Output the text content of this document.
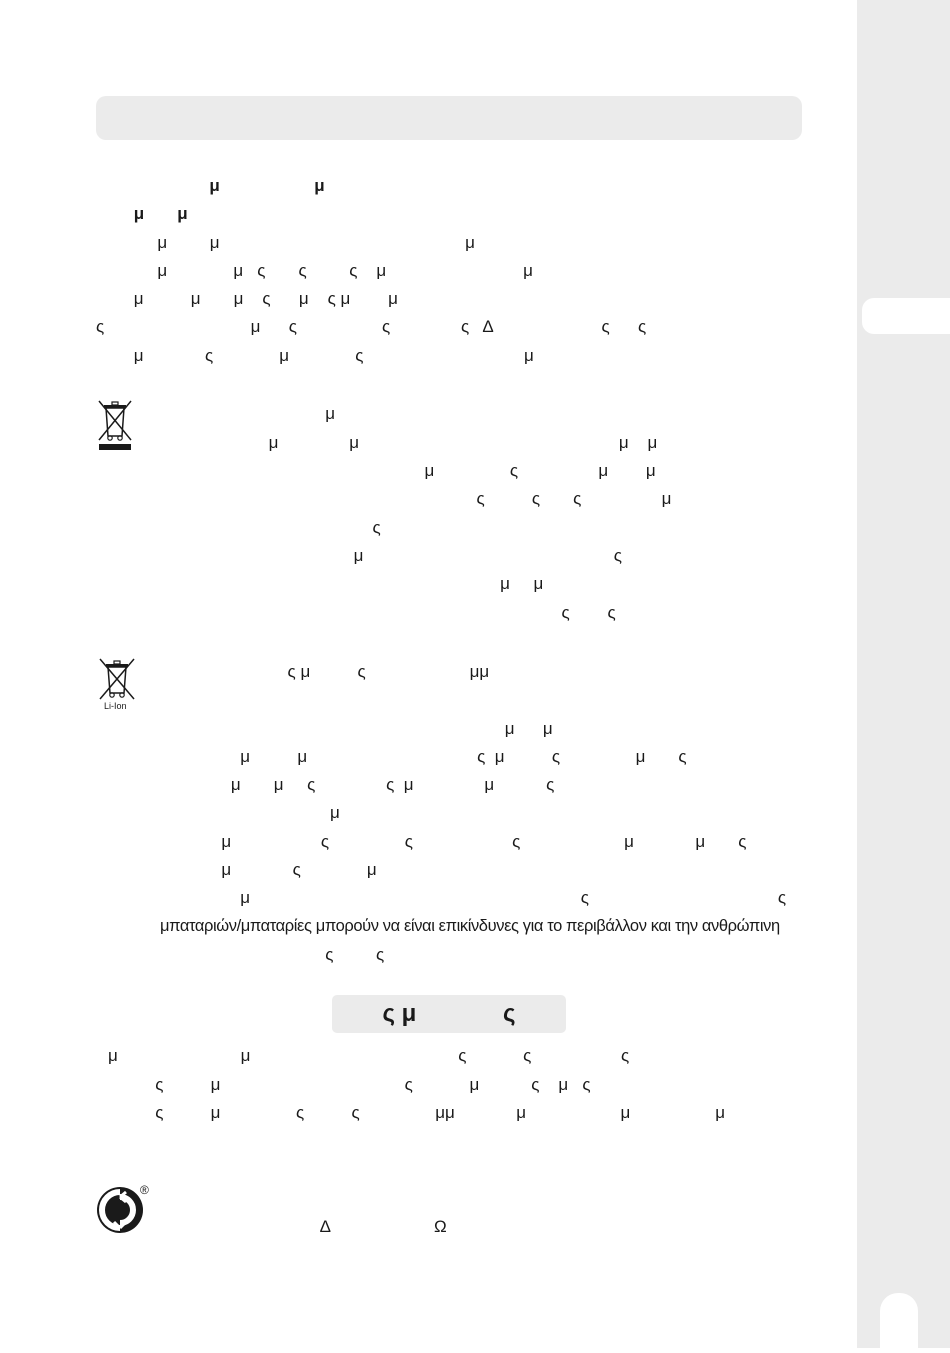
μ                    μ
μ       μ
μ         μ                                                    μ
μ              μ   ς       ς         ς    μ                             μ
μ          μ       μ    ς      μ    ς μ        μ
ς                               μ      ς                  ς               ς   Δ                       ς      ς
μ             ς              μ              ς                                  μ
μ
μ               μ                                                       μ    μ
μ                ς                 μ        μ
ς          ς       ς                 μ
ς
μ                                                     ς
μ     μ
ς        ς
Li-Ion
ς μ          ς                      μμ
μ      μ
μ          μ                                    ς  μ          ς                μ       ς
μ       μ     ς               ς  μ               μ           ς
μ
μ                   ς                ς                     ς                      μ             μ       ς
μ             ς              μ
μ                                                                      ς                                        ς
μπαταριών/μπαταρίες μπορούν να είναι επικίνδυνες για το περιβάλλον και την ανθρώπινη
ς         ς
ς μ             ς
μ                          μ                                            ς            ς                   ς
ς          μ                                       ς            μ           ς    μ   ς
ς          μ                ς          ς                μμ             μ                    μ                  μ
®
Δ                      Ω
